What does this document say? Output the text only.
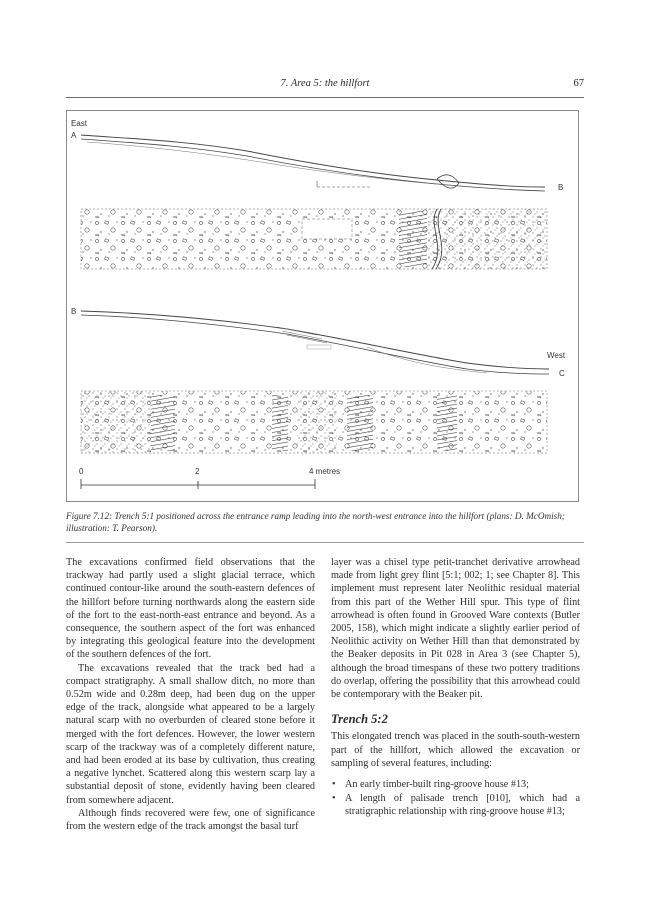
7. Area 5: the hillfort	67
East
A
B
B
West
C
0	2	4 metres
Figure 7.12: Trench 5:1 positioned across the entrance ramp leading into the north-west entrance into the hillfort (plans: D. McOmish; illustration: T. Pearson).

The excavations confirmed field observations that the trackway had partly used a slight glacial terrace, which continued contour-like around the south-eastern defences of the hillfort before turning northwards along the eastern side of the fort to the east-north-east entrance and beyond. As a consequence, the southern aspect of the fort was enhanced by integrating this geological feature into the development of the southern defences of the fort.

The excavations revealed that the track bed had a compact stratigraphy. A small shallow ditch, no more than 0.52m wide and 0.28m deep, had been dug on the upper edge of the track, alongside what appeared to be a largely natural scarp with no overburden of cleared stone before it merged with the fort defences. However, the lower western scarp of the trackway was of a completely different nature, and had been eroded at its base by cultivation, thus creating a negative lynchet. Scattered along this western scarp lay a substantial deposit of stone, evidently having been cleared from somewhere adjacent.

Although finds recovered were few, one of significance from the western edge of the track amongst the basal turf

layer was a chisel type petit-tranchet derivative arrowhead made from light grey flint [5:1; 002; 1; see Chapter 8]. This implement must represent later Neolithic residual material from this part of the Wether Hill spur. This type of flint arrowhead is often found in Grooved Ware contexts (Butler 2005, 158), which might indicate a slightly earlier period of Neolithic activity on Wether Hill than that demonstrated by the Beaker deposits in Pit 028 in Area 3 (see Chapter 5), although the broad timespans of these two pottery traditions do overlap, offering the possibility that this arrowhead could be contemporary with the Beaker pit.

Trench 5:2

This elongated trench was placed in the south-south-western part of the hillfort, which allowed the excavation or sampling of several features, including:

• An early timber-built ring-groove house #13;
• A length of palisade trench [010], which had a stratigraphic relationship with ring-groove house #13;
